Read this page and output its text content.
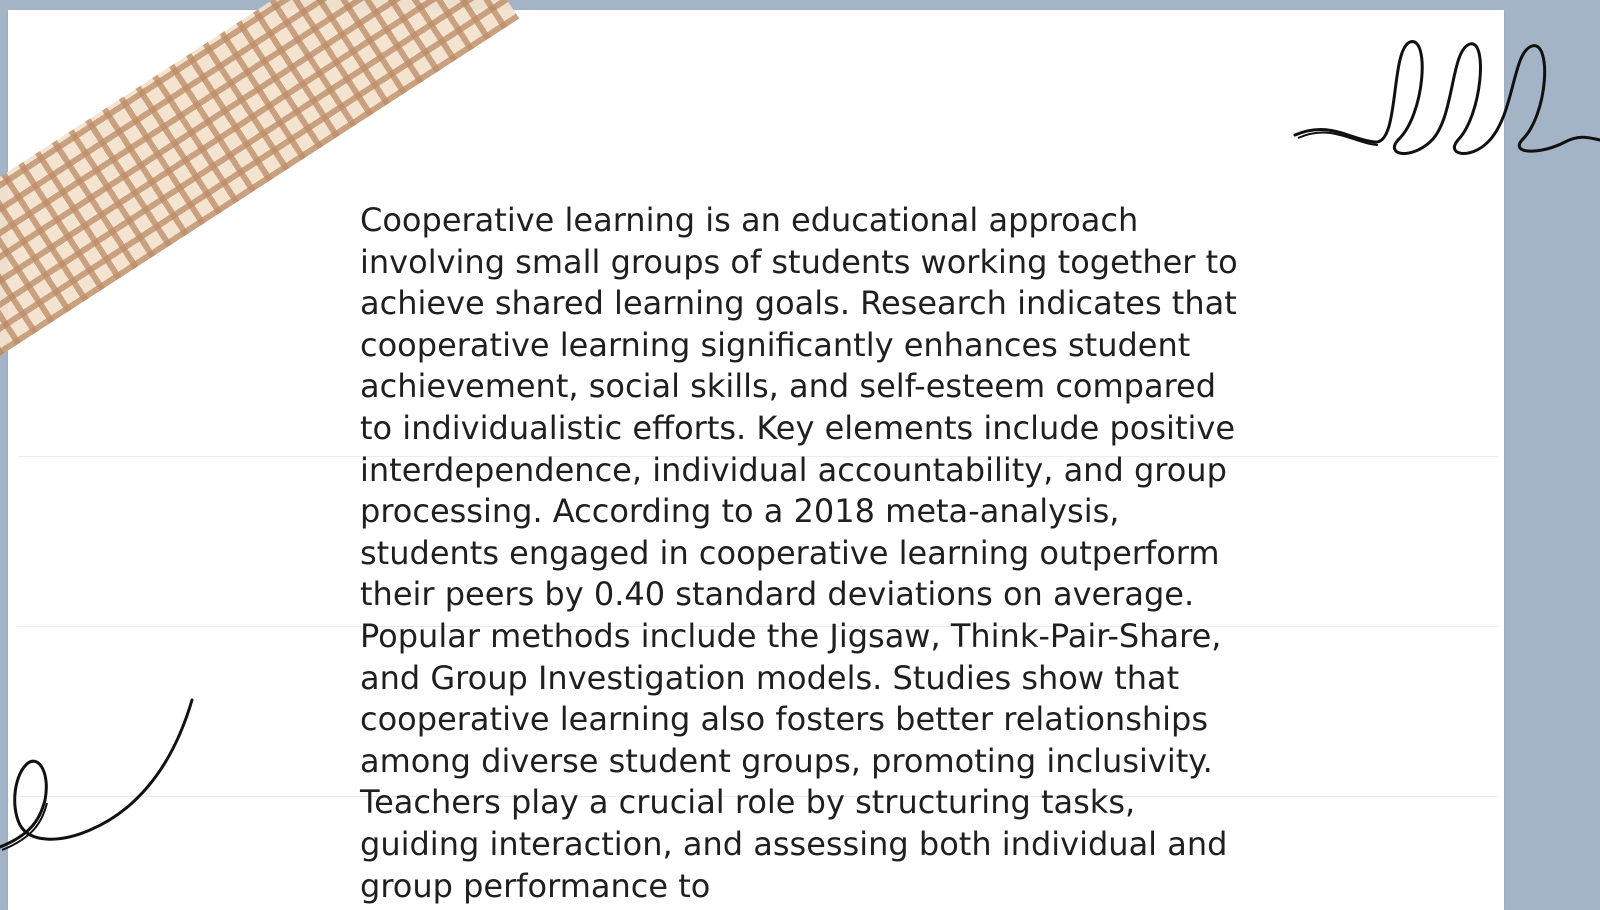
Cooperative learning is an educational approach involving small groups of students working together to achieve shared learning goals. Research indicates that cooperative learning significantly enhances student achievement, social skills, and self-esteem compared to individualistic efforts. Key elements include positive interdependence, individual accountability, and group processing. According to a 2018 meta-analysis, students engaged in cooperative learning outperform their peers by 0.40 standard deviations on average. Popular methods include the Jigsaw, Think-Pair-Share, and Group Investigation models. Studies show that cooperative learning also fosters better relationships among diverse student groups, promoting inclusivity. Teachers play a crucial role by structuring tasks, guiding interaction, and assessing both individual and group performance to
